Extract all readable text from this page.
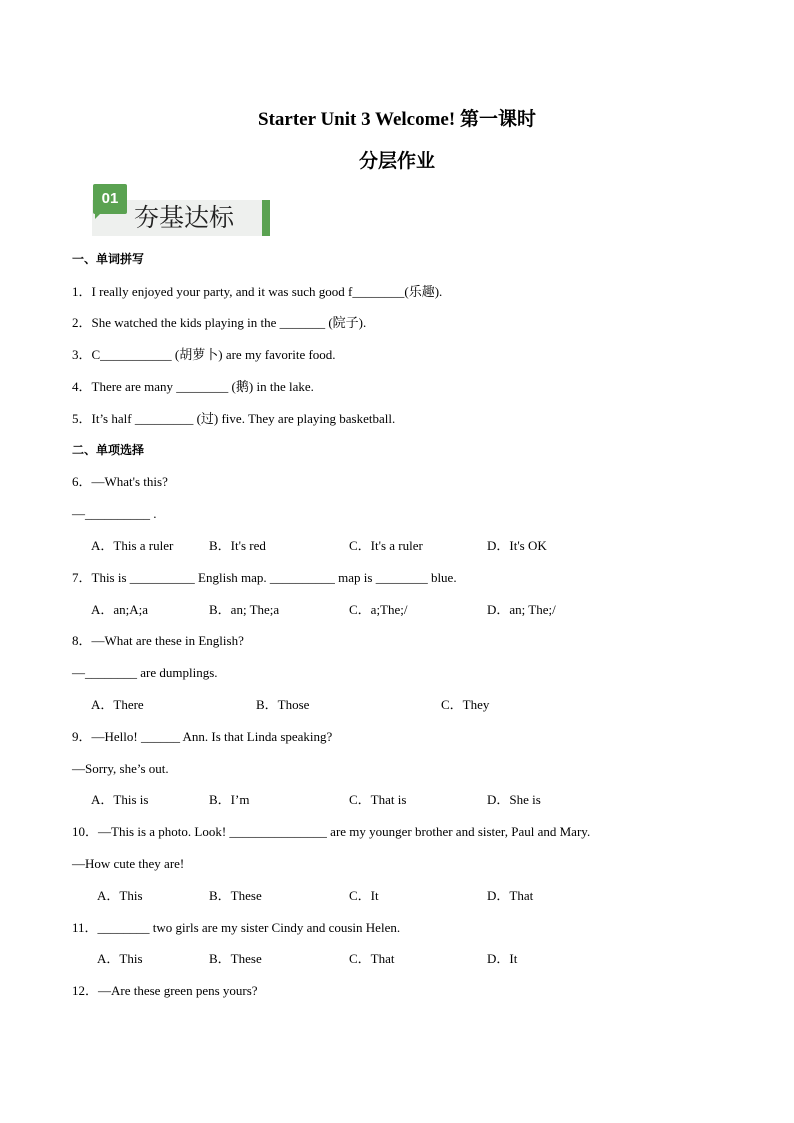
Starter Unit 3 Welcome! 第一课时
分层作业
01
夯基达标
一、单词拼写
1．I really enjoyed your party, and it was such good f________(乐趣).
2．She watched the kids playing in the _______ (院子).
3．C___________ (胡萝卜) are my favorite food.
4．There are many ________ (鹅) in the lake.
5．It’s half _________ (过) five. They are playing basketball.
二、单项选择
6．—What's this?
—__________ .
A．This a ruler	B．It's red	C．It's a ruler	D．It's OK
7．This is __________ English map. __________ map is ________ blue.
A．an;A;a	B．an; The;a	C．a;The;/	D．an; The;/
8．—What are these in English?
—________ are dumplings.
A．There	B．Those	C．They
9．—Hello! ______ Ann. Is that Linda speaking?
—Sorry, she’s out.
A．This is	B．I’m	C．That is	D．She is
10．—This is a photo. Look! _______________ are my younger brother and sister, Paul and Mary.
—How cute they are!
A．This	B．These	C．It	D．That
11．________ two girls are my sister Cindy and cousin Helen.
A．This	B．These	C．That	D．It
12．—Are these green pens yours?
